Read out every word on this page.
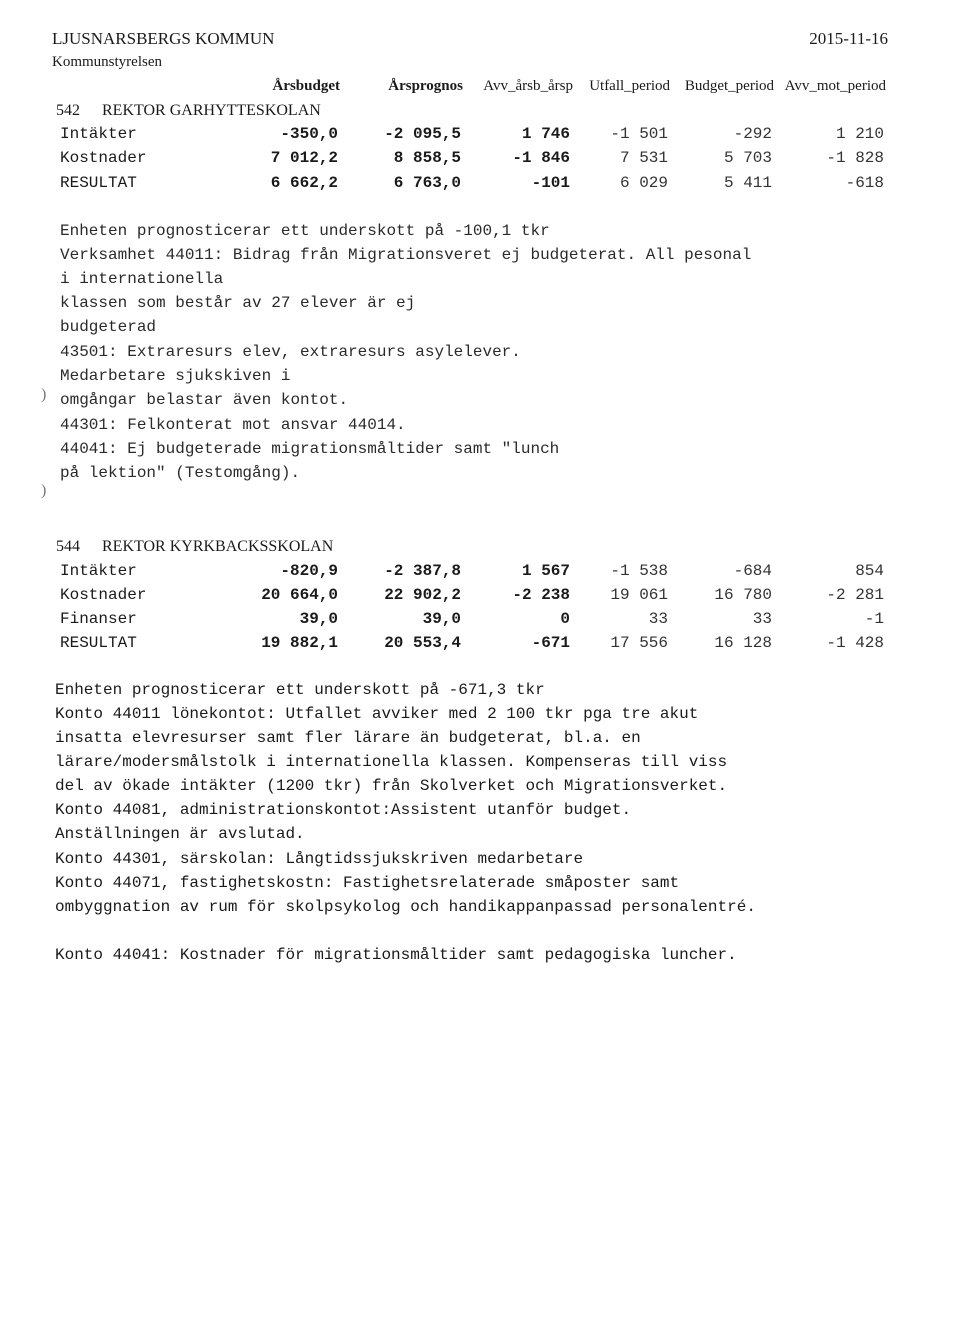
LJUSNARSBERGS KOMMUN	2015-11-16
Kommunstyrelsen
Årsbudget	Årsprognos Avv_årsb_årsp Utfall_period Budget_period Avv_mot_period
542 REKTOR GARHYTTESKOLAN
Intäkter	-350,0	-2 095,5	1 746	-1 501	-292	1 210
Kostnader	7 012,2	8 858,5	-1 846	7 531	5 703	-1 828
RESULTAT	6 662,2	6 763,0	-101	6 029	5 411	-618
Enheten prognosticerar ett underskott på -100,1 tkr
Verksamhet 44011: Bidrag från Migrationsveret ej budgeterat. All pesonal
i internationella
klassen som består av 27 elever är ej
budgeterad
43501: Extraresurs elev, extraresurs asylelever.
Medarbetare sjukskiven i
omgångar belastar även kontot.
44301: Felkonterat mot ansvar 44014.
44041: Ej budgeterade migrationsmåltider samt "lunch
på lektion" (Testomgång).
)
)
544 REKTOR KYRKBACKSSKOLAN
Intäkter	-820,9	-2 387,8	1 567	-1 538	-684	854
Kostnader	20 664,0	22 902,2	-2 238	19 061	16 780	-2 281
Finanser	39,0	39,0	0	33	33	-1
RESULTAT	19 882,1	20 553,4	-671	17 556	16 128	-1 428
Enheten prognosticerar ett underskott på -671,3 tkr
Konto 44011 lönekontot: Utfallet avviker med 2 100 tkr pga tre akut
insatta elevresurser samt fler lärare än budgeterat, bl.a. en
lärare/modersmålstolk i internationella klassen. Kompenseras till viss
del av ökade intäkter (1200 tkr) från Skolverket och Migrationsverket.
Konto 44081, administrationskontot:Assistent utanför budget.
Anställningen är avslutad.
Konto 44301, särskolan: Långtidssjukskriven medarbetare
Konto 44071, fastighetskostn: Fastighetsrelaterade småposter samt
ombyggnation av rum för skolpsykolog och handikappanpassad personalentré.
Konto 44041: Kostnader för migrationsmåltider samt pedagogiska luncher.
